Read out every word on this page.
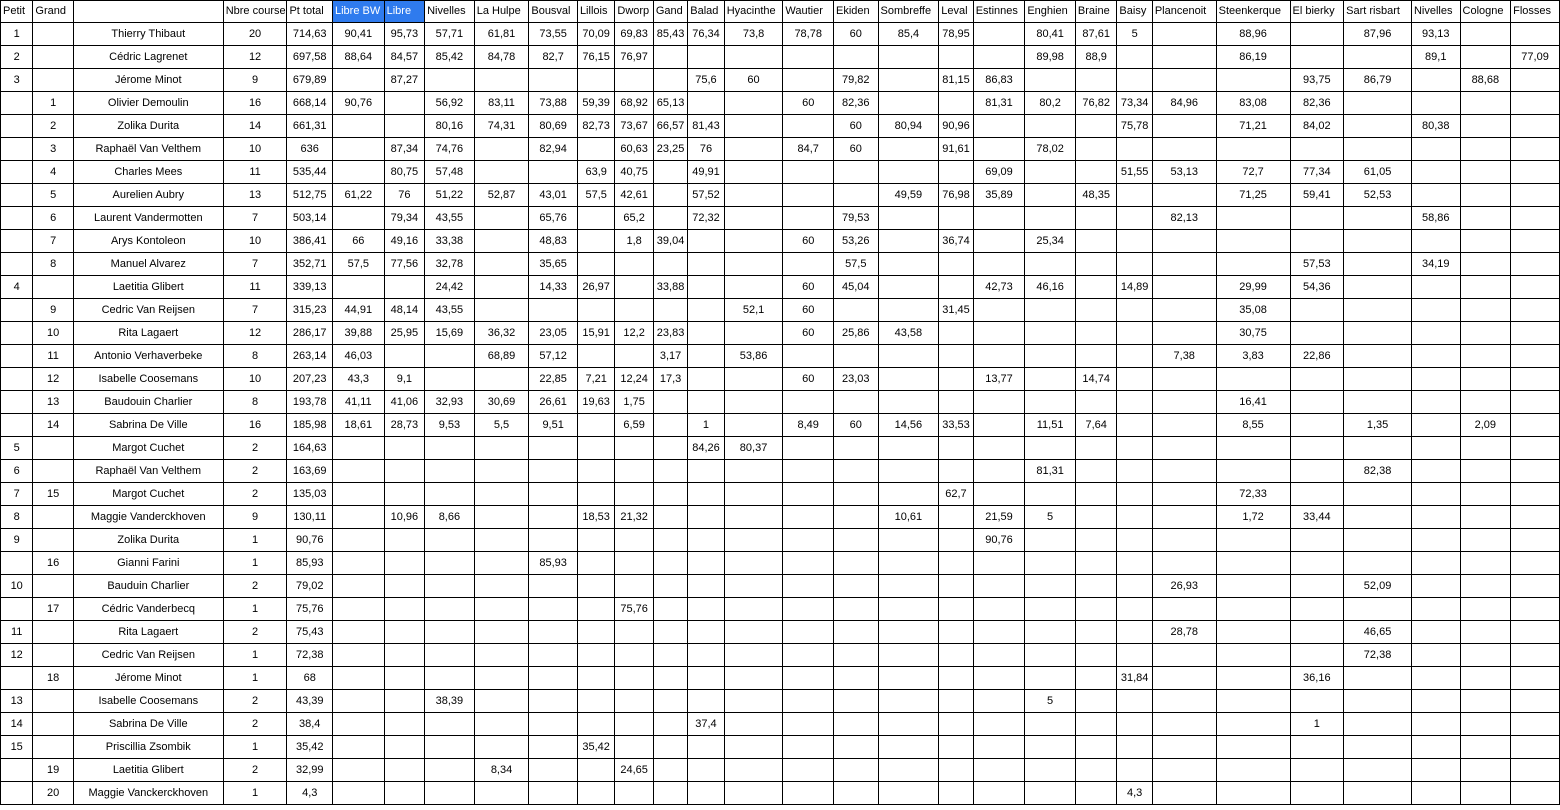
Petit	Grand		Nbre course	Pt total	Libre BW	Libre	Nivelles	La Hulpe	Bousval	Lillois	Dworp	Gand	Balad	Hyacinthe	Wautier	Ekiden	Sombreffe	Leval	Estinnes	Enghien	Braine	Baisy	Plancenoit	Steenkerque	El bierky	Sart risbart	Nivelles	Cologne	Flosses
1		Thierry Thibaut	20	714,63	90,41	95,73	57,71	61,81	73,55	70,09	69,83	85,43	76,34	73,8	78,78	60	85,4	78,95		80,41	87,61	5		88,96		87,96	93,13		
2		Cédric Lagrenet	12	697,58	88,64	84,57	85,42	84,78	82,7	76,15	76,97									89,98	88,9			86,19			89,1		77,09
3		Jérome Minot	9	679,89		87,27							75,6	60		79,82		81,15	86,83						93,75	86,79		88,68	
	1	Olivier Demoulin	16	668,14	90,76		56,92	83,11	73,88	59,39	68,92	65,13			60	82,36			81,31	80,2	76,82	73,34	84,96	83,08	82,36				
	2	Zolika Durita	14	661,31			80,16	74,31	80,69	82,73	73,67	66,57	81,43			60	80,94	90,96				75,78		71,21	84,02		80,38		
	3	Raphaël Van Velthem	10	636		87,34	74,76		82,94		60,63	23,25	76		84,7	60		91,61		78,02									
	4	Charles Mees	11	535,44		80,75	57,48			63,9	40,75		49,91						69,09			51,55	53,13	72,7	77,34	61,05			
	5	Aurelien Aubry	13	512,75	61,22	76	51,22	52,87	43,01	57,5	42,61		57,52				49,59	76,98	35,89		48,35			71,25	59,41	52,53			
	6	Laurent Vandermotten	7	503,14		79,34	43,55		65,76		65,2		72,32			79,53							82,13				58,86		
	7	Arys Kontoleon	10	386,41	66	49,16	33,38		48,83		1,8	39,04			60	53,26		36,74		25,34									
	8	Manuel Alvarez	7	352,71	57,5	77,56	32,78		35,65							57,5									57,53		34,19		
4		Laetitia Glibert	11	339,13			24,42		14,33	26,97		33,88			60	45,04			42,73	46,16		14,89		29,99	54,36				
	9	Cedric Van Reijsen	7	315,23	44,91	48,14	43,55							52,1	60			31,45						35,08					
	10	Rita Lagaert	12	286,17	39,88	25,95	15,69	36,32	23,05	15,91	12,2	23,83			60	25,86	43,58							30,75					
	11	Antonio Verhaverbeke	8	263,14	46,03			68,89	57,12			3,17		53,86									7,38	3,83	22,86				
	12	Isabelle Coosemans	10	207,23	43,3	9,1			22,85	7,21	12,24	17,3			60	23,03			13,77		14,74								
	13	Baudouin Charlier	8	193,78	41,11	41,06	32,93	30,69	26,61	19,63	1,75													16,41					
	14	Sabrina De Ville	16	185,98	18,61	28,73	9,53	5,5	9,51		6,59		1		8,49	60	14,56	33,53		11,51	7,64			8,55		1,35		2,09	
5		Margot Cuchet	2	164,63									84,26	80,37															
6		Raphaël Van Velthem	2	163,69																81,31						82,38			
7	15	Margot Cuchet	2	135,03														62,7						72,33					
8		Maggie Vanderckhoven	9	130,11		10,96	8,66			18,53	21,32						10,61		21,59	5				1,72	33,44				
9		Zolika Durita	1	90,76															90,76										
	16	Gianni Farini	1	85,93					85,93																				
10		Bauduin Charlier	2	79,02																			26,93			52,09			
	17	Cédric Vanderbecq	1	75,76							75,76																		
11		Rita Lagaert	2	75,43																			28,78			46,65			
12		Cedric Van Reijsen	1	72,38																						72,38			
	18	Jérome Minot	1	68																		31,84			36,16				
13		Isabelle Coosemans	2	43,39			38,39													5									
14		Sabrina De Ville	2	38,4									37,4												1				
15		Priscillia Zsombik	1	35,42						35,42																			
	19	Laetitia Glibert	2	32,99				8,34			24,65																		
	20	Maggie Vanckerckhoven	1	4,3																		4,3							
